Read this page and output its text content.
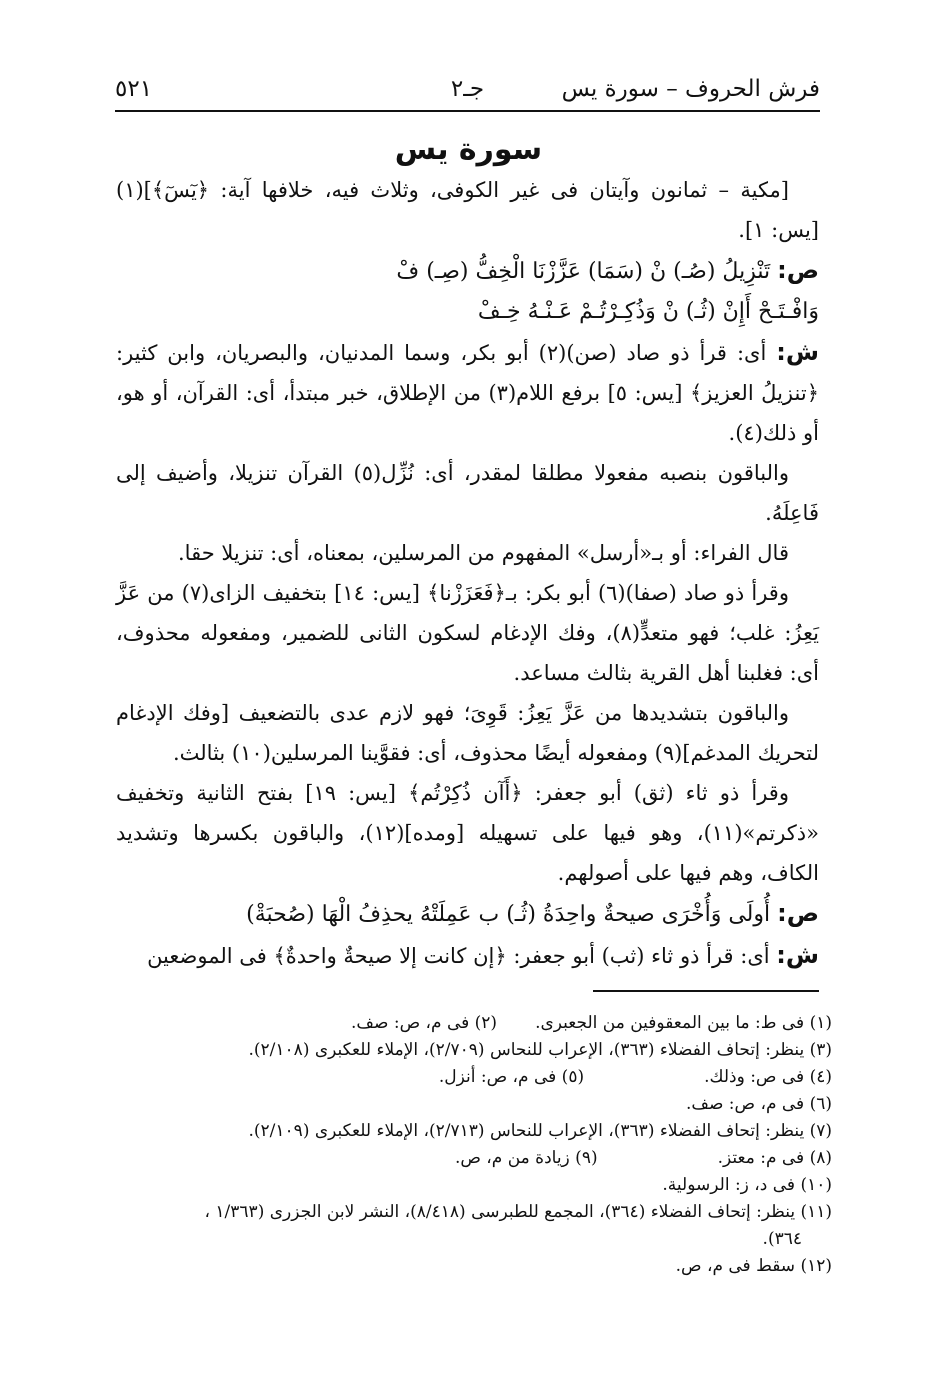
فرش الحروف – سورة يس
جـ٢
٥٢١
سورة يس

[مكية – ثمانون وآيتان فى غير الكوفى، وثلاث فيه، خلافها آية: ﴿يٓسٓ﴾](١) [يس: ١].

ص: تَنْزِيلُ (صُـ) نْ (سَمَا) عَزَّزْنَا الْخِفُّ (صِـ) فْ

وَافْـتَـحْ أَإِنْ (ثُـ) نْ وَذُكِـرْتُـمْ عَـنْـهُ خِـفْ

ش: أى: قرأ ذو صاد (صن)(٢) أبو بكر، وسما المدنيان، والبصريان، وابن كثير: ﴿تنزيلُ العزيز﴾ [يس: ٥] برفع اللام(٣) من الإطلاق، خبر مبتدأ، أى: القرآن، أو هو، أو ذلك(٤).

والباقون بنصبه مفعولا مطلقا لمقدر، أى: نُزِّل(٥) القرآن تنزيلا، وأضيف إلى فَاعِلَهُ.

قال الفراء: أو بـ«أرسل» المفهوم من المرسلين، بمعناه، أى: تنزيلا حقا.

وقرأ ذو صاد (صفا)(٦) أبو بكر: بـ﴿فَعَزَزْنا﴾ [يس: ١٤] بتخفيف الزاى(٧) من عَزَّ يَعِزُ: غلب؛ فهو متعدٍّ(٨)، وفك الإدغام لسكون الثانى للضمير، ومفعوله محذوف، أى: فغلبنا أهل القرية بثالث مساعد.

والباقون بتشديدها من عَزَّ يَعِزُ: قَوِىَ؛ فهو لازم عدى بالتضعيف [وفك الإدغام لتحريك المدغم](٩) ومفعوله أيضًا محذوف، أى: فقوَّينا المرسلين(١٠) بثالث.

وقرأ ذو ثاء (ثق) أبو جعفر: ﴿أَآن ذُكِرْتُم﴾ [يس: ١٩] بفتح الثانية وتخفيف «ذكرتم»(١١)، وهو فيها على تسهيله [ومده](١٢)، والباقون بكسرها وتشديد الكاف، وهم فيها على أصولهم.

ص: أُولَى وَأُخْرَى صيحةٌ واحِدَةُ (ثُـ) ب عَمِلَتْهُ يحذِفُ الْهَا (صُحبَةْ)

ش: أى: قرأ ذو ثاء (ثب) أبو جعفر: ﴿إن كانت إلا صيحةٌ واحدةٌ﴾ فى الموضعين

(١) فى ط: ما بين المعقوفين من الجعبرى.(٢) فى م، ص: صف.

(٣) ينظر: إتحاف الفضلاء (٣٦٣)، الإعراب للنحاس (٢/٧٠٩)، الإملاء للعكبرى (٢/١٠٨).

(٤) فى ص: وذلك.(٥) فى م، ص: أنزل.

(٦) فى م، ص: صف.

(٧) ينظر: إتحاف الفضلاء (٣٦٣)، الإعراب للنحاس (٢/٧١٣)، الإملاء للعكبرى (٢/١٠٩).

(٨) فى م: معتز.(٩) زيادة من م، ص.

(١٠) فى د، ز: الرسولية.

(١١) ينظر: إتحاف الفضلاء (٣٦٤)، المجمع للطبرسى (٨/٤١٨)، النشر لابن الجزرى (١/٣٦٣ ،

٣٦٤).

(١٢) سقط فى م، ص.
